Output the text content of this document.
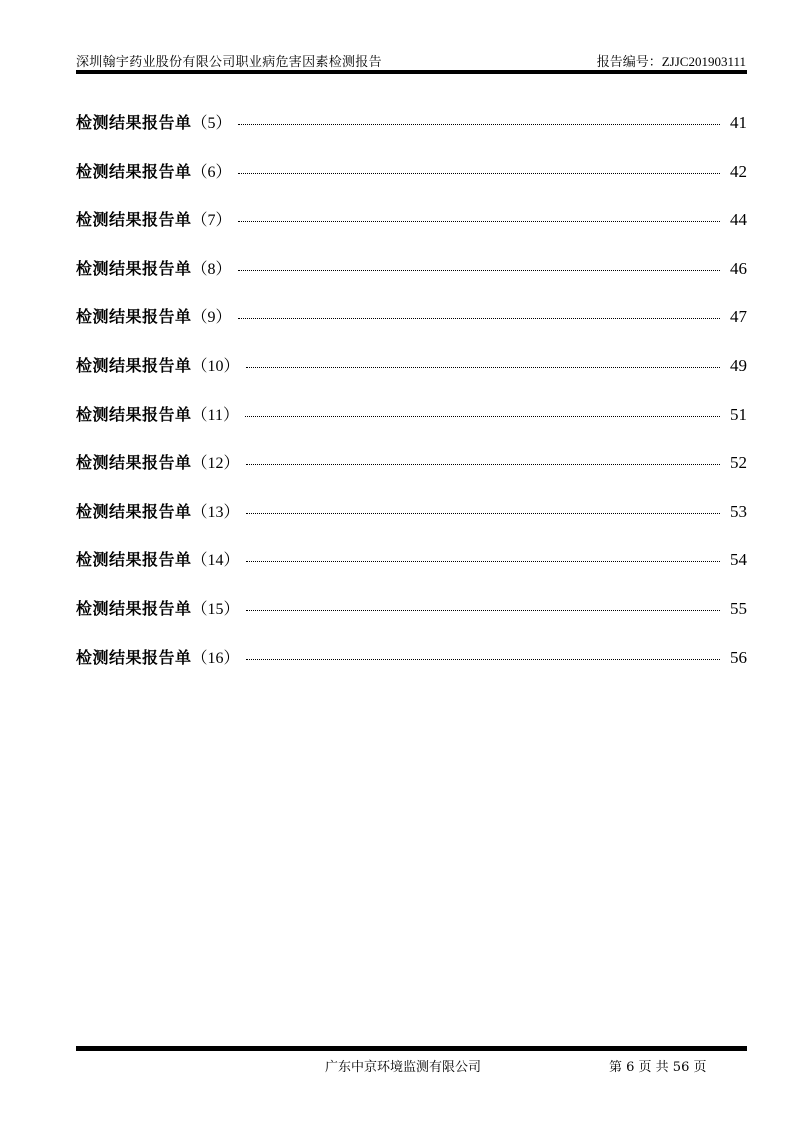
深圳翰宇药业股份有限公司职业病危害因素检测报告	报告编号：ZJJC201903111
检测结果报告单 （ 5 ）	41
检测结果报告单 （ 6 ）	42
检测结果报告单 （ 7 ）	44
检测结果报告单 （ 8 ）	46
检测结果报告单 （ 9 ）	47
检测结果报告单 （ 10 ）	49
检测结果报告单 （ 11 ）	51
检测结果报告单 （ 12 ）	52
检测结果报告单 （ 13 ）	53
检测结果报告单 （ 14 ）	54
检测结果报告单 （ 15 ）	55
检测结果报告单 （ 16 ）	56
广东中京环境监测有限公司	第 6 页 共 56 页
